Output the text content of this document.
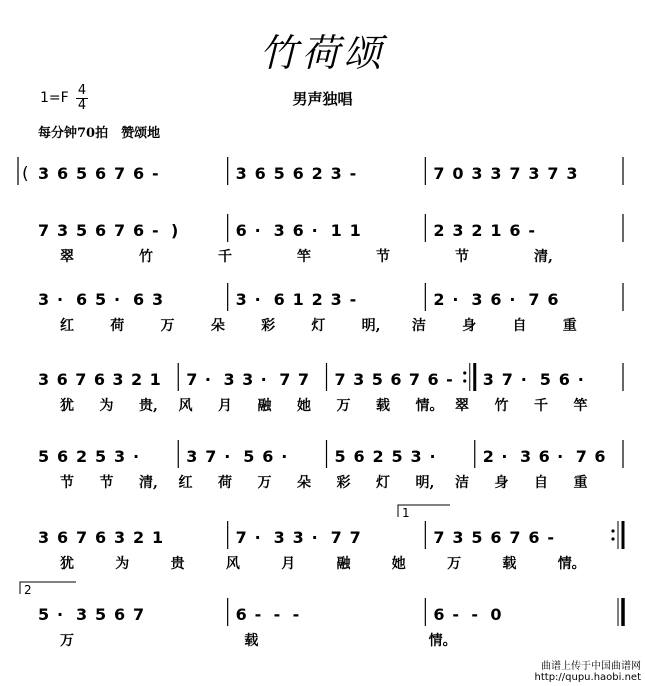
竹荷颂
1=F 4
4	男声独唱
每分钟70拍　赞颂地
( 3 6 5 6 7 6 -	3 6 5 6 2 3 -	7 0 3 3 7 3 7 3
7 3 5 6 7 6 - )	6 · 3 6 · 1 1	2 3 2 1 6 -
翠	竹	千	竿	节	节	清,
3 · 6 5 · 6 3	3 · 6 1 2 3 -	2 · 3 6 · 7 6
红	荷	万	朵	彩	灯	明, 洁	身	自	重
3 6 7 6 3 2 1 7 · 3 3 · 7 7 7 3 5 6 7 6 - 3 7 · 5 6 ·
犹 为 贵, 风 月 融 她 万 载 情。 翠 竹 千 竿
5 6 2 5 3 ·	3 7 · 5 6 ·	5 6 2 5 3 ·	2 · 3 6 · 7 6
节 节 清, 红 荷 万 朵 彩 灯 明, 洁 身 自 重
3 6 7 6 3 2 1	7 · 3 3 · 7 7	7 3 5 6 7 6 -
1
犹	为	贵	风	月	融	她	万	载	情。
5 · 3 5 6 7	6 - - -	6 - - 0
2
万	载	情。
曲谱上传于中国曲谱网
http://qupu.haobi.net
